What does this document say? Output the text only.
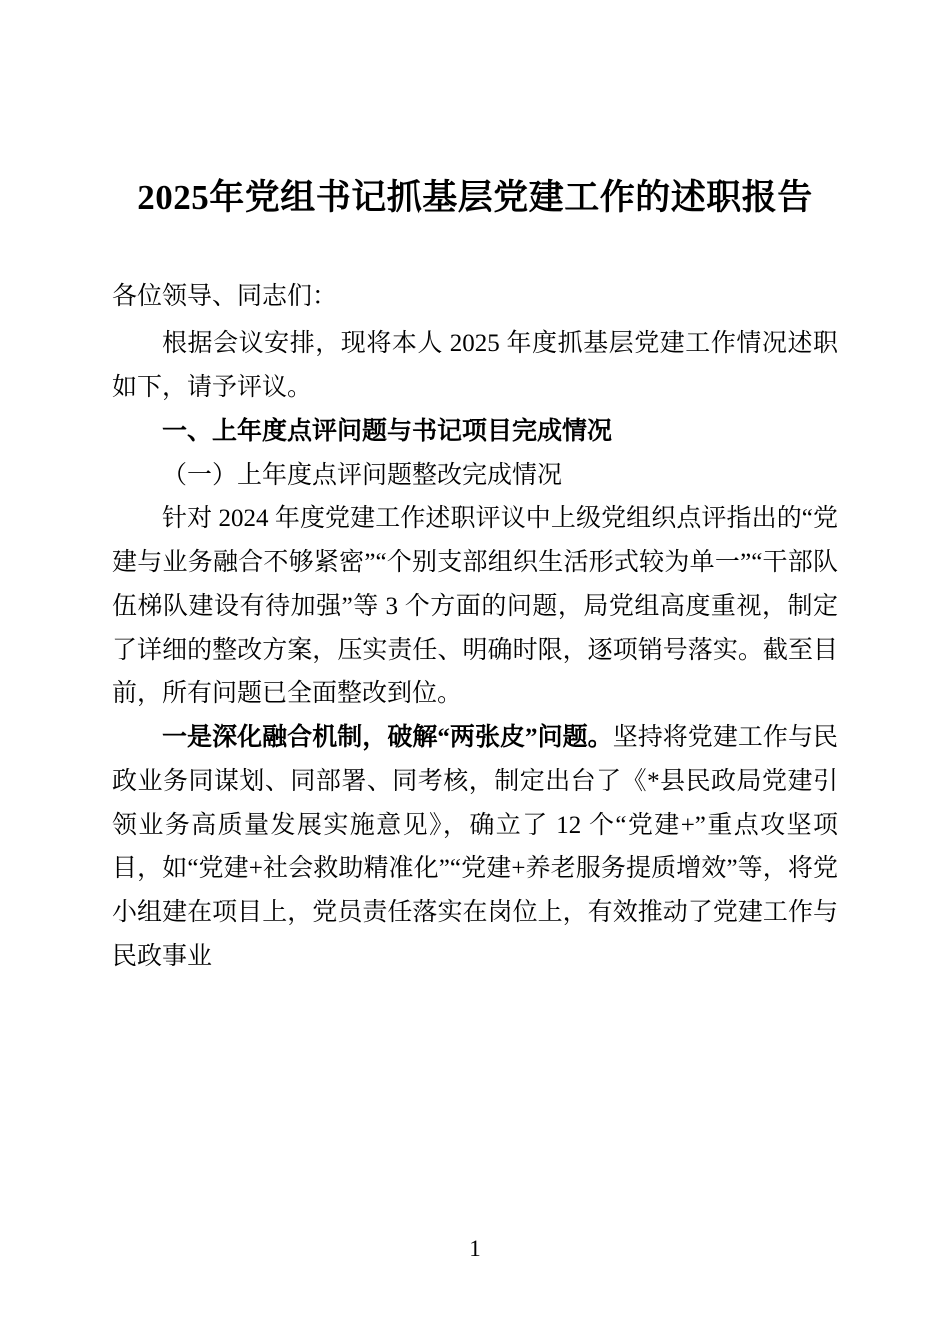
2025年党组书记抓基层党建工作的述职报告
各位领导、同志们：

根据会议安排，现将本人 2025 年度抓基层党建工作情况述职如下，请予评议。

一、上年度点评问题与书记项目完成情况

（一）上年度点评问题整改完成情况

针对 2024 年度党建工作述职评议中上级党组织点评指出的“党建与业务融合不够紧密”“个别支部组织生活形式较为单一”“干部队伍梯队建设有待加强”等 3 个方面的问题，局党组高度重视，制定了详细的整改方案，压实责任、明确时限，逐项销号落实。截至目前，所有问题已全面整改到位。

一是深化融合机制，破解“两张皮”问题。坚持将党建工作与民政业务同谋划、同部署、同考核，制定出台了《*县民政局党建引领业务高质量发展实施意见》，确立了 12 个“党建+”重点攻坚项目，如“党建+社会救助精准化”“党建+养老服务提质增效”等，将党小组建在项目上，党员责任落实在岗位上，有效推动了党建工作与民政事业

1
